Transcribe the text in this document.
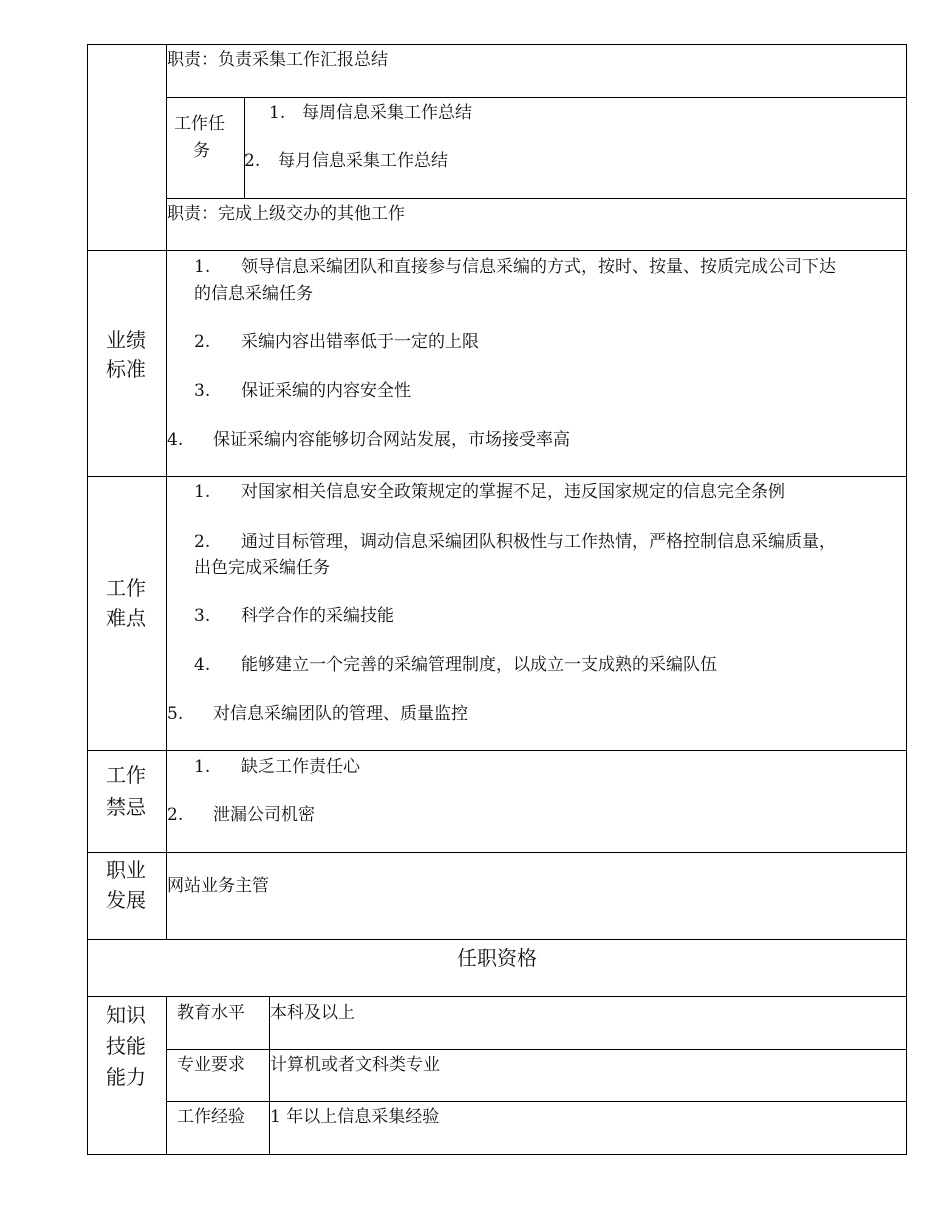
职责：负责采集工作汇报总结
工作任
务
1. 每周信息采集工作总结
2. 每月信息采集工作总结
职责：完成上级交办的其他工作
业绩
标准
1. 领导信息采编团队和直接参与信息采编的方式，按时、按量、按质完成公司下达
的信息采编任务
2. 采编内容出错率低于一定的上限
3. 保证采编的内容安全性
4. 保证采编内容能够切合网站发展，市场接受率高
工作
难点
1. 对国家相关信息安全政策规定的掌握不足，违反国家规定的信息完全条例
2. 通过目标管理，调动信息采编团队积极性与工作热情，严格控制信息采编质量，
出色完成采编任务
3. 科学合作的采编技能
4. 能够建立一个完善的采编管理制度，以成立一支成熟的采编队伍
5. 对信息采编团队的管理、质量监控
工作
禁忌
1. 缺乏工作责任心
2. 泄漏公司机密
职业
发展
网站业务主管
任职资格
知识
技能
能力
教育水平 本科及以上
专业要求 计算机或者文科类专业
工作经验 1 年以上信息采集经验
